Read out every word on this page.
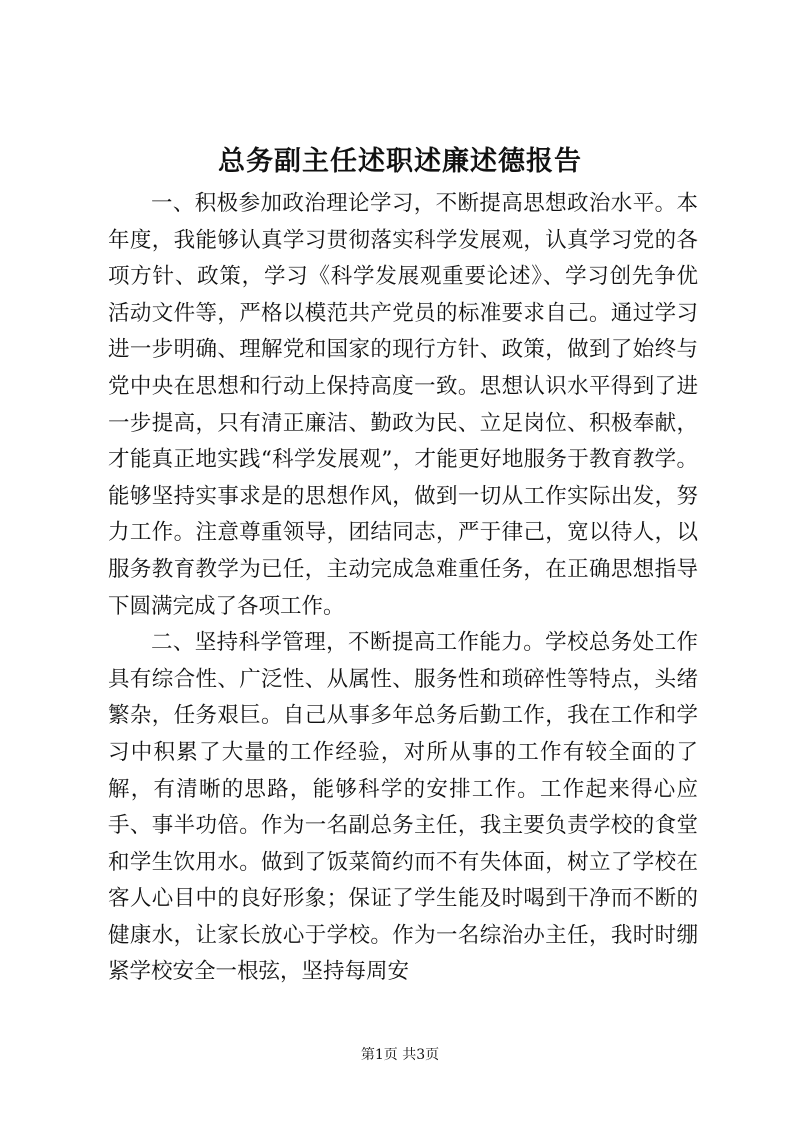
总务副主任述职述廉述德报告

一、积极参加政治理论学习，不断提高思想政治水平。本年度，我能够认真学习贯彻落实科学发展观，认真学习党的各项方针、政策，学习《科学发展观重要论述》、学习创先争优活动文件等，严格以模范共产党员的标准要求自己。通过学习进一步明确、理解党和国家的现行方针、政策，做到了始终与党中央在思想和行动上保持高度一致。思想认识水平得到了进一步提高，只有清正廉洁、勤政为民、立足岗位、积极奉献，才能真正地实践“科学发展观”，才能更好地服务于教育教学。能够坚持实事求是的思想作风，做到一切从工作实际出发，努力工作。注意尊重领导，团结同志，严于律己，宽以待人，以服务教育教学为已任，主动完成急难重任务，在正确思想指导下圆满完成了各项工作。

二、坚持科学管理，不断提高工作能力。学校总务处工作具有综合性、广泛性、从属性、服务性和琐碎性等特点，头绪繁杂，任务艰巨。自己从事多年总务后勤工作，我在工作和学习中积累了大量的工作经验，对所从事的工作有较全面的了解，有清晰的思路，能够科学的安排工作。工作起来得心应手、事半功倍。作为一名副总务主任，我主要负责学校的食堂和学生饮用水。做到了饭菜简约而不有失体面，树立了学校在客人心目中的良好形象；保证了学生能及时喝到干净而不断的健康水，让家长放心于学校。作为一名综治办主任，我时时绷紧学校安全一根弦，坚持每周安

第1页 共3页
